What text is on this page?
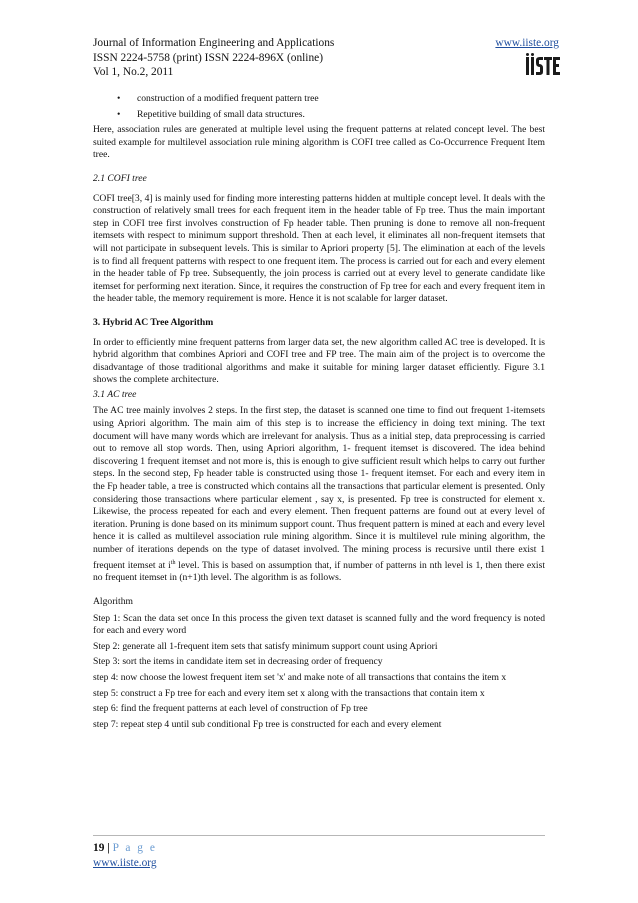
Journal of Information Engineering and Applications
ISSN 2224-5758 (print) ISSN 2224-896X (online)
Vol 1, No.2, 2011
www.iiste.org
• construction of a modified frequent pattern tree
• Repetitive building of small data structures.

Here, association rules are generated at multiple level using the frequent patterns at related concept level. The best suited example for multilevel association rule mining algorithm is COFI tree called as Co-Occurrence Frequent Item tree.

2.1 COFI tree

COFI tree[3, 4] is mainly used for finding more interesting patterns hidden at multiple concept level. It deals with the construction of relatively small trees for each frequent item in the header table of Fp tree. Thus the main important step in COFI tree first involves construction of Fp header table. Then pruning is done to remove all non-frequent itemsets with respect to minimum support threshold. Then at each level, it eliminates all non-frequent itemsets that will not participate in subsequent levels. This is similar to Apriori property [5]. The elimination at each of the levels is to find all frequent patterns with respect to one frequent item. The process is carried out for each and every element in the header table of Fp tree. Subsequently, the join process is carried out at every level to generate candidate like itemset for performing next iteration. Since, it requires the construction of Fp tree for each and every frequent item in the header table, the memory requirement is more. Hence it is not scalable for larger dataset.

3. Hybrid AC Tree Algorithm

In order to efficiently mine frequent patterns from larger data set, the new algorithm called AC tree is developed. It is hybrid algorithm that combines Apriori and COFI tree and FP tree. The main aim of the project is to overcome the disadvantage of those traditional algorithms and make it suitable for mining larger dataset efficiently. Figure 3.1 shows the complete architecture.

3.1 AC tree

The AC tree mainly involves 2 steps. In the first step, the dataset is scanned one time to find out frequent 1-itemsets using Apriori algorithm. The main aim of this step is to increase the efficiency in doing text mining. The text document will have many words which are irrelevant for analysis. Thus as a initial step, data preprocessing is carried out to remove all stop words. Then, using Apriori algorithm, 1- frequent itemset is discovered. The idea behind discovering 1 frequent itemset and not more is, this is enough to give sufficient result which helps to carry out further steps. In the second step, Fp header table is constructed using those 1- frequent itemset. For each and every item in the Fp header table, a tree is constructed which contains all the transactions that particular element is presented. Only considering those transactions where particular element , say x, is presented. Fp tree is constructed for element x. Likewise, the process repeated for each and every element. Then frequent patterns are found out at every level of iteration. Pruning is done based on its minimum support count. Thus frequent pattern is mined at each and every level hence it is called as multilevel association rule mining algorithm. Since it is multilevel rule mining algorithm, the number of iterations depends on the type of dataset involved. The mining process is recursive until there exist 1 frequent itemset at $i^{th}$ level. This is based on assumption that, if number of patterns in nth level is 1, then there exist no frequent itemset in (n+1)th level. The algorithm is as follows.

Algorithm

Step 1: Scan the data set once In this process the given text dataset is scanned fully and the word frequency is noted for each and every word

Step 2: generate all 1-frequent item sets that satisfy minimum support count using Apriori

Step 3: sort the items in candidate item set in decreasing order of frequency

step 4: now choose the lowest frequent item set 'x' and make note of all transactions that contains the item x

step 5: construct a Fp tree for each and every item set x along with the transactions that contain item x

step 6: find the frequent patterns at each level of construction of Fp tree

step 7: repeat step 4 until sub conditional Fp tree is constructed for each and every element

19 | P a g e
www.iiste.org
